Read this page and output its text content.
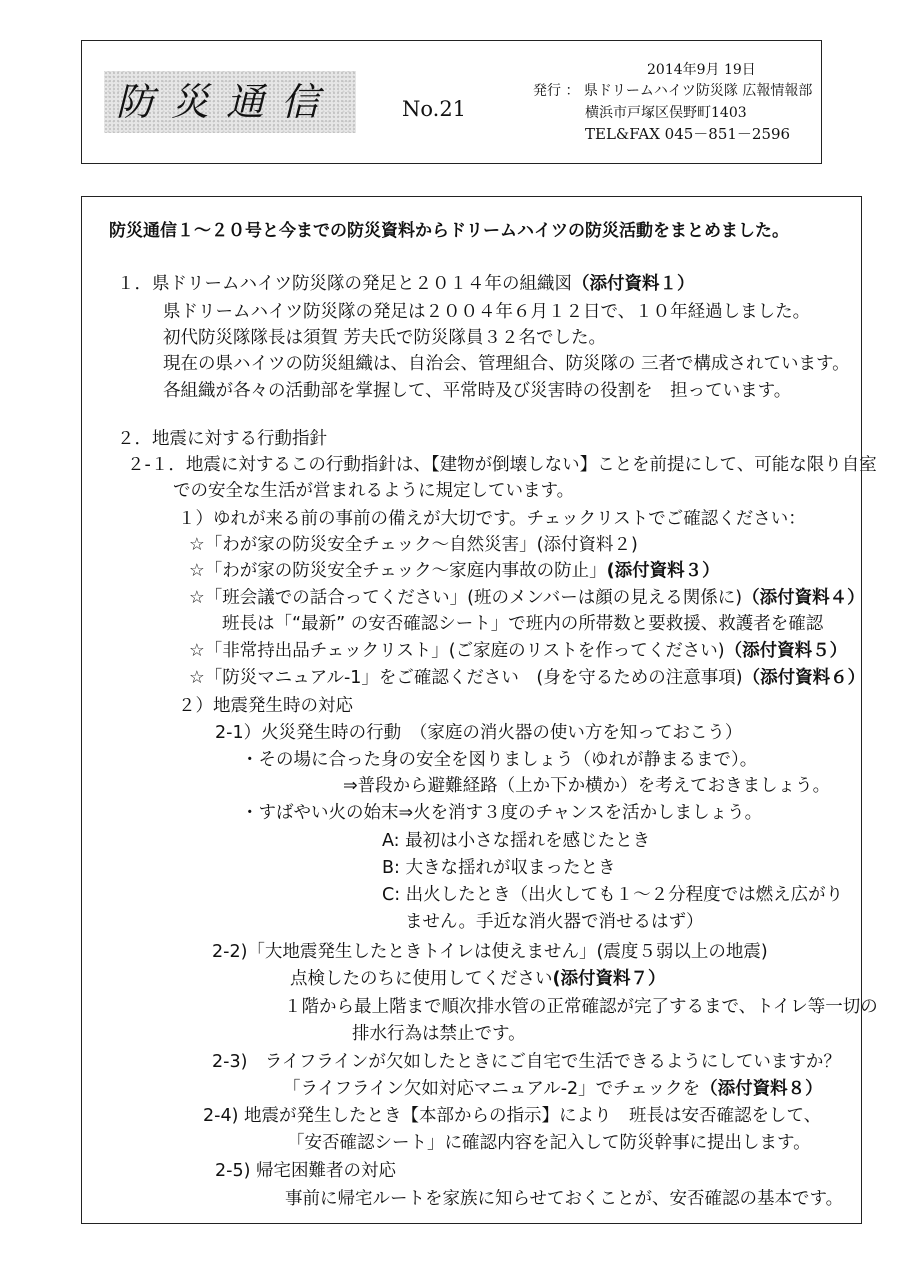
防災通信	No.21
2014年9月 19日
発行 ： 県ドリームハイツ防災隊 広報情報部
横浜市戸塚区俣野町1403
TEL&FAX 045－851－2596
防災通信１～２０号と今までの防災資料からドリームハイツの防災活動をまとめました。
１．県ドリームハイツ防災隊の発足と２０１４年の組織図（添付資料１）
県ドリームハイツ防災隊の発足は２００４年６月１２日で、１０年経過しました。
初代防災隊隊長は須賀 芳夫氏で防災隊員３２名でした。
現在の県ハイツの防災組織は、自治会、管理組合、防災隊の 三者で構成されています。
各組織が各々の活動部を掌握して、平常時及び災害時の役割を　担っています。
２．地震に対する行動指針
２-１．地震に対するこの行動指針は、【建物が倒壊しない】ことを前提にして、可能な限り自室
での安全な生活が営まれるように規定しています。
１）ゆれが来る前の事前の備えが大切です。チェックリストでご確認ください：
☆「わが家の防災安全チェック～自然災害」(添付資料２)
☆「わが家の防災安全チェック～家庭内事故の防止」(添付資料３）
☆「班会議での話合ってください」(班のメンバーは顔の見える関係に)（添付資料４）
班長は「“最新” の安否確認シート」で班内の所帯数と要救援、救護者を確認
☆「非常持出品チェックリスト」(ご家庭のリストを作ってください)（添付資料５）
☆「防災マニュアル-1」をご確認ください　(身を守るための注意事項)（添付資料６）
２）地震発生時の対応
2-1）火災発生時の行動　（家庭の消火器の使い方を知っておこう）
・その場に合った身の安全を図りましょう（ゆれが静まるまで）。
⇒普段から避難経路（上か下か横か）を考えておきましょう。
・すばやい火の始末⇒火を消す３度のチャンスを活かしましょう。
A: 最初は小さな揺れを感じたとき
B: 大きな揺れが収まったとき
C: 出火したとき（出火しても１～２分程度では燃え広がり
ません。手近な消火器で消せるはず）
2-2)「大地震発生したときトイレは使えません」(震度５弱以上の地震)
点検したのちに使用してください(添付資料７）
１階から最上階まで順次排水管の正常確認が完了するまで、トイレ等一切の
排水行為は禁止です。
2-3)　ライフラインが欠如したときにご自宅で生活できるようにしていますか？
「ライフライン欠如対応マニュアル-2」でチェックを（添付資料８）
2-4) 地震が発生したとき【本部からの指示】により　班長は安否確認をして、
「安否確認シート」に確認内容を記入して防災幹事に提出します。
2-5) 帰宅困難者の対応
事前に帰宅ルートを家族に知らせておくことが、安否確認の基本です。
